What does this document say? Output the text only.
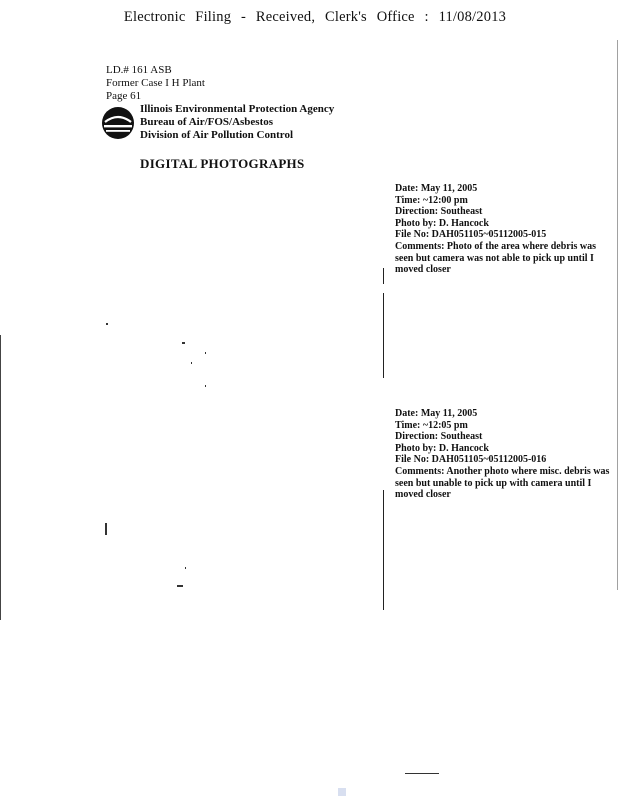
Electronic Filing - Received, Clerk's Office : 11/08/2013
LD.# 161 ASB
Former Case I H Plant
Page 61
Illinois Environmental Protection Agency
Bureau of Air/FOS/Asbestos
Division of Air Pollution Control
DIGITAL PHOTOGRAPHS
Date: May 11, 2005
Time: ~12:00 pm
Direction: Southeast
Photo by: D. Hancock
File No: DAH051105~05112005-015
Comments: Photo of the area where debris was seen but camera was not able to pick up until I moved closer
Date: May 11, 2005
Time: ~12:05 pm
Direction: Southeast
Photo by: D. Hancock
File No: DAH051105~05112005-016
Comments: Another photo where misc. debris was seen but unable to pick up with camera until I moved closer
